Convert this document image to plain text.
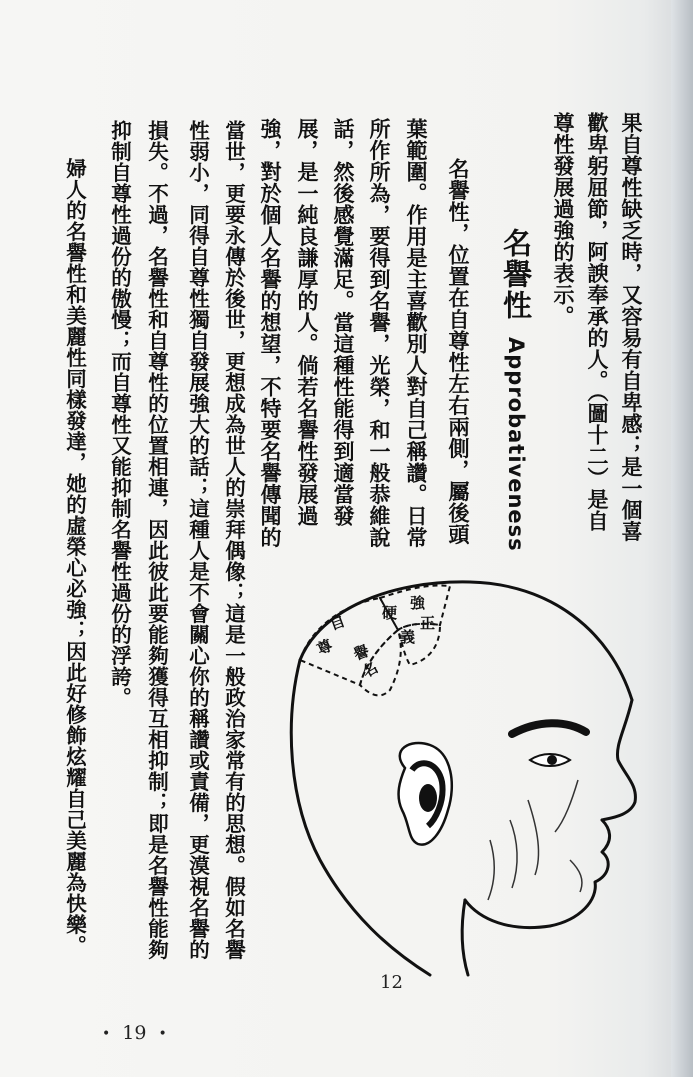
果自尊性缺乏時，又容易有自卑感；是一個喜
歡卑躬屈節，阿諛奉承的人。（圖十二）是自
尊性發展過強的表示。
名譽性Approbativeness
名譽性，位置在自尊性左右兩側，屬後頭
葉範圍。作用是主喜歡別人對自己稱讚。日常
所作所為，要得到名譽，光榮，和一般恭維說
話，然後感覺滿足。當這種性能得到適當發
展，是一純良謙厚的人。倘若名譽性發展過
強，對於個人名譽的想望，不特要名譽傳聞的
當世，更要永傳於後世，更想成為世人的崇拜偶像；這是一般政治家常有的思想。假如名譽
性弱小，同得自尊性獨自發展強大的話；這種人是不會關心你的稱讚或責備，更漠視名譽的
損失。不過，名譽性和自尊性的位置相連，因此彼此要能夠獲得互相抑制；即是名譽性能夠
抑制自尊性過份的傲慢；而自尊性又能抑制名譽性過份的浮誇。
婦人的名譽性和美麗性同樣發達，她的虛榮心必強；因此好修飾炫耀自己美麗為快樂。	自
尊
名
譽
義
正
強
硬
12
• 19 •
